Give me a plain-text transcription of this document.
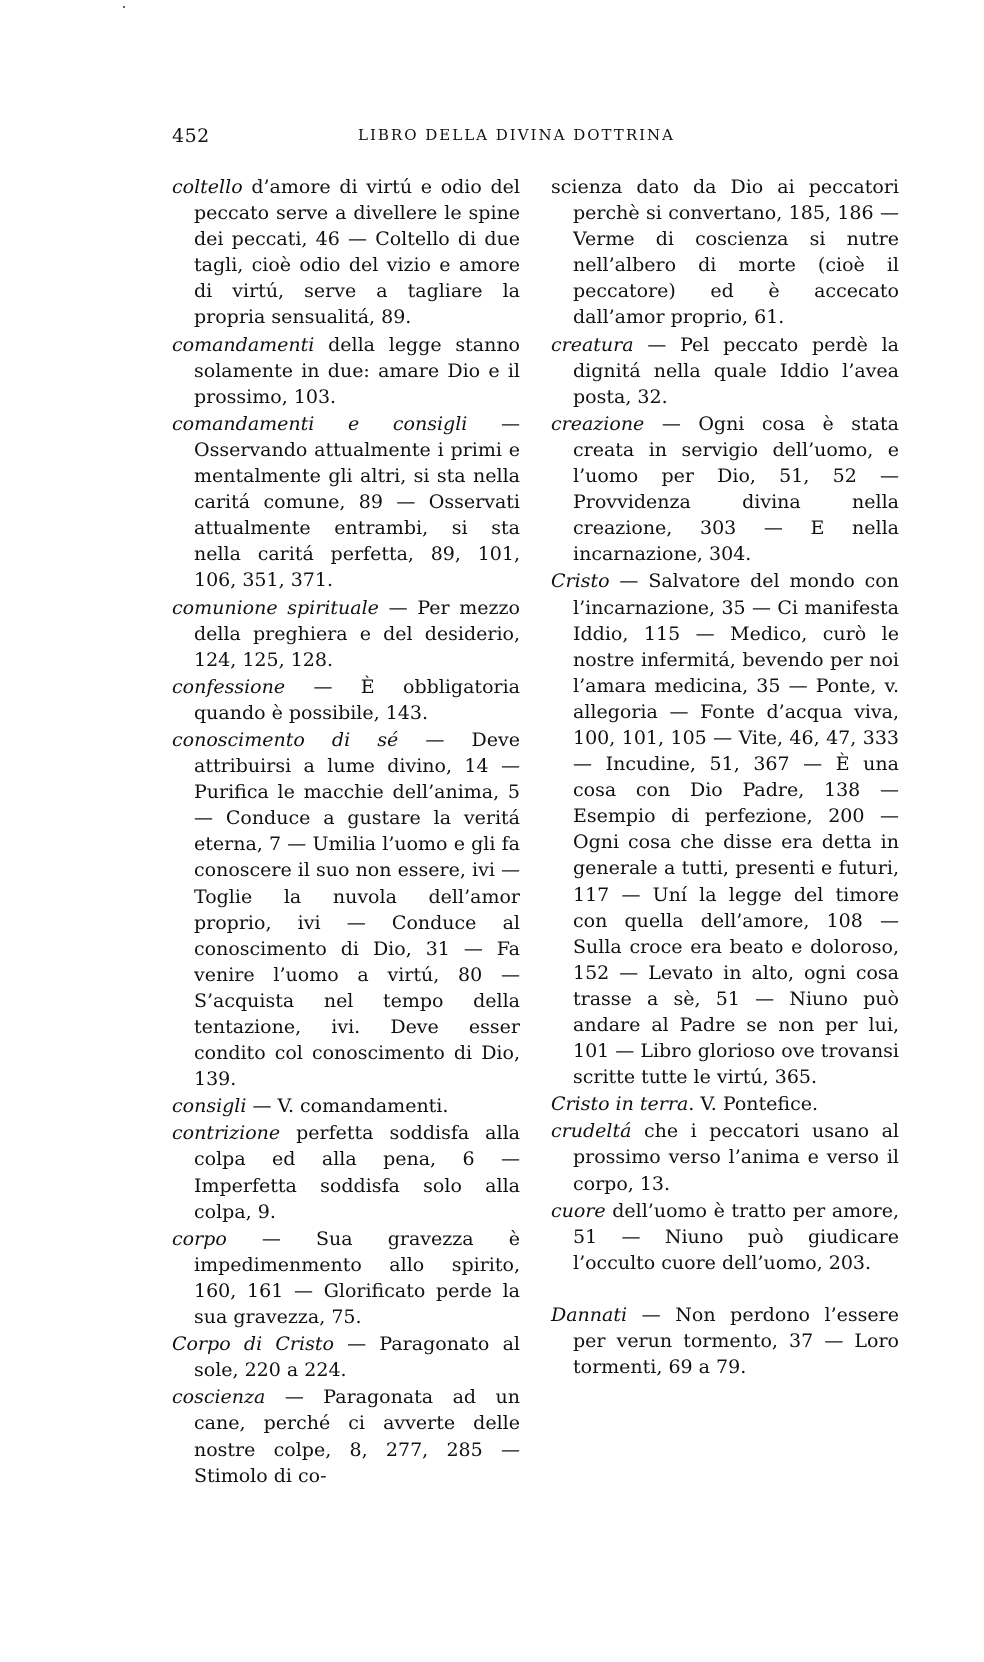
452	LIBRO DELLA DIVINA DOTTRINA

coltello d’amore di virtú e odio del peccato serve a divellere le spine dei peccati, 46 — Coltello di due tagli, cioè odio del vizio e amore di virtú, serve a tagliare la propria sensualitá, 89.

comandamenti della legge stanno solamente in due: amare Dio e il prossimo, 103.

comandamenti e consigli — Osservando attualmente i primi e mentalmente gli altri, si sta nella caritá comune, 89 — Osservati attualmente entrambi, si sta nella caritá perfetta, 89, 101, 106, 351, 371.

comunione spirituale — Per mezzo della preghiera e del desiderio, 124, 125, 128.

confessione — È obbligatoria quando è possibile, 143.

conoscimento di sé — Deve attribuirsi a lume divino, 14 — Purifica le macchie dell’anima, 5 — Conduce a gustare la veritá eterna, 7 — Umilia l’uomo e gli fa conoscere il suo non essere, ivi — Toglie la nuvola dell’amor proprio, ivi — Conduce al conoscimento di Dio, 31 — Fa venire l’uomo a virtú, 80 — S’acquista nel tempo della tentazione, ivi. Deve esser condito col conoscimento di Dio, 139.

consigli — V. comandamenti.

contrizione perfetta soddisfa alla colpa ed alla pena, 6 — Imperfetta soddisfa solo alla colpa, 9.

corpo — Sua gravezza è impedimenmento allo spirito, 160, 161 — Glorificato perde la sua gravezza, 75.

Corpo di Cristo — Paragonato al sole, 220 a 224.

coscienza — Paragonata ad un cane, perché ci avverte delle nostre colpe, 8, 277, 285 — Stimolo di co-

scienza dato da Dio ai peccatori perchè si convertano, 185, 186 — Verme di coscienza si nutre nell’albero di morte (cioè il peccatore) ed è accecato dall’amor proprio, 61.

creatura — Pel peccato perdè la dignitá nella quale Iddio l’avea posta, 32.

creazione — Ogni cosa è stata creata in servigio dell’uomo, e l’uomo per Dio, 51, 52 — Provvidenza divina nella creazione, 303 — E nella incarnazione, 304.

Cristo — Salvatore del mondo con l’incarnazione, 35 — Ci manifesta Iddio, 115 — Medico, curò le nostre infermitá, bevendo per noi l’amara medicina, 35 — Ponte, v. allegoria — Fonte d’acqua viva, 100, 101, 105 — Vite, 46, 47, 333 — Incudine, 51, 367 — È una cosa con Dio Padre, 138 — Esempio di perfezione, 200 — Ogni cosa che disse era detta in generale a tutti, presenti e futuri, 117 — Uní la legge del timore con quella dell’amore, 108 — Sulla croce era beato e doloroso, 152 — Levato in alto, ogni cosa trasse a sè, 51 — Niuno può andare al Padre se non per lui, 101 — Libro glorioso ove trovansi scritte tutte le virtú, 365.

Cristo in terra. V. Pontefice.

crudeltá che i peccatori usano al prossimo verso l’anima e verso il corpo, 13.

cuore dell’uomo è tratto per amore, 51 — Niuno può giudicare l’occulto cuore dell’uomo, 203.

Dannati — Non perdono l’essere per verun tormento, 37 — Loro tormenti, 69 a 79.
